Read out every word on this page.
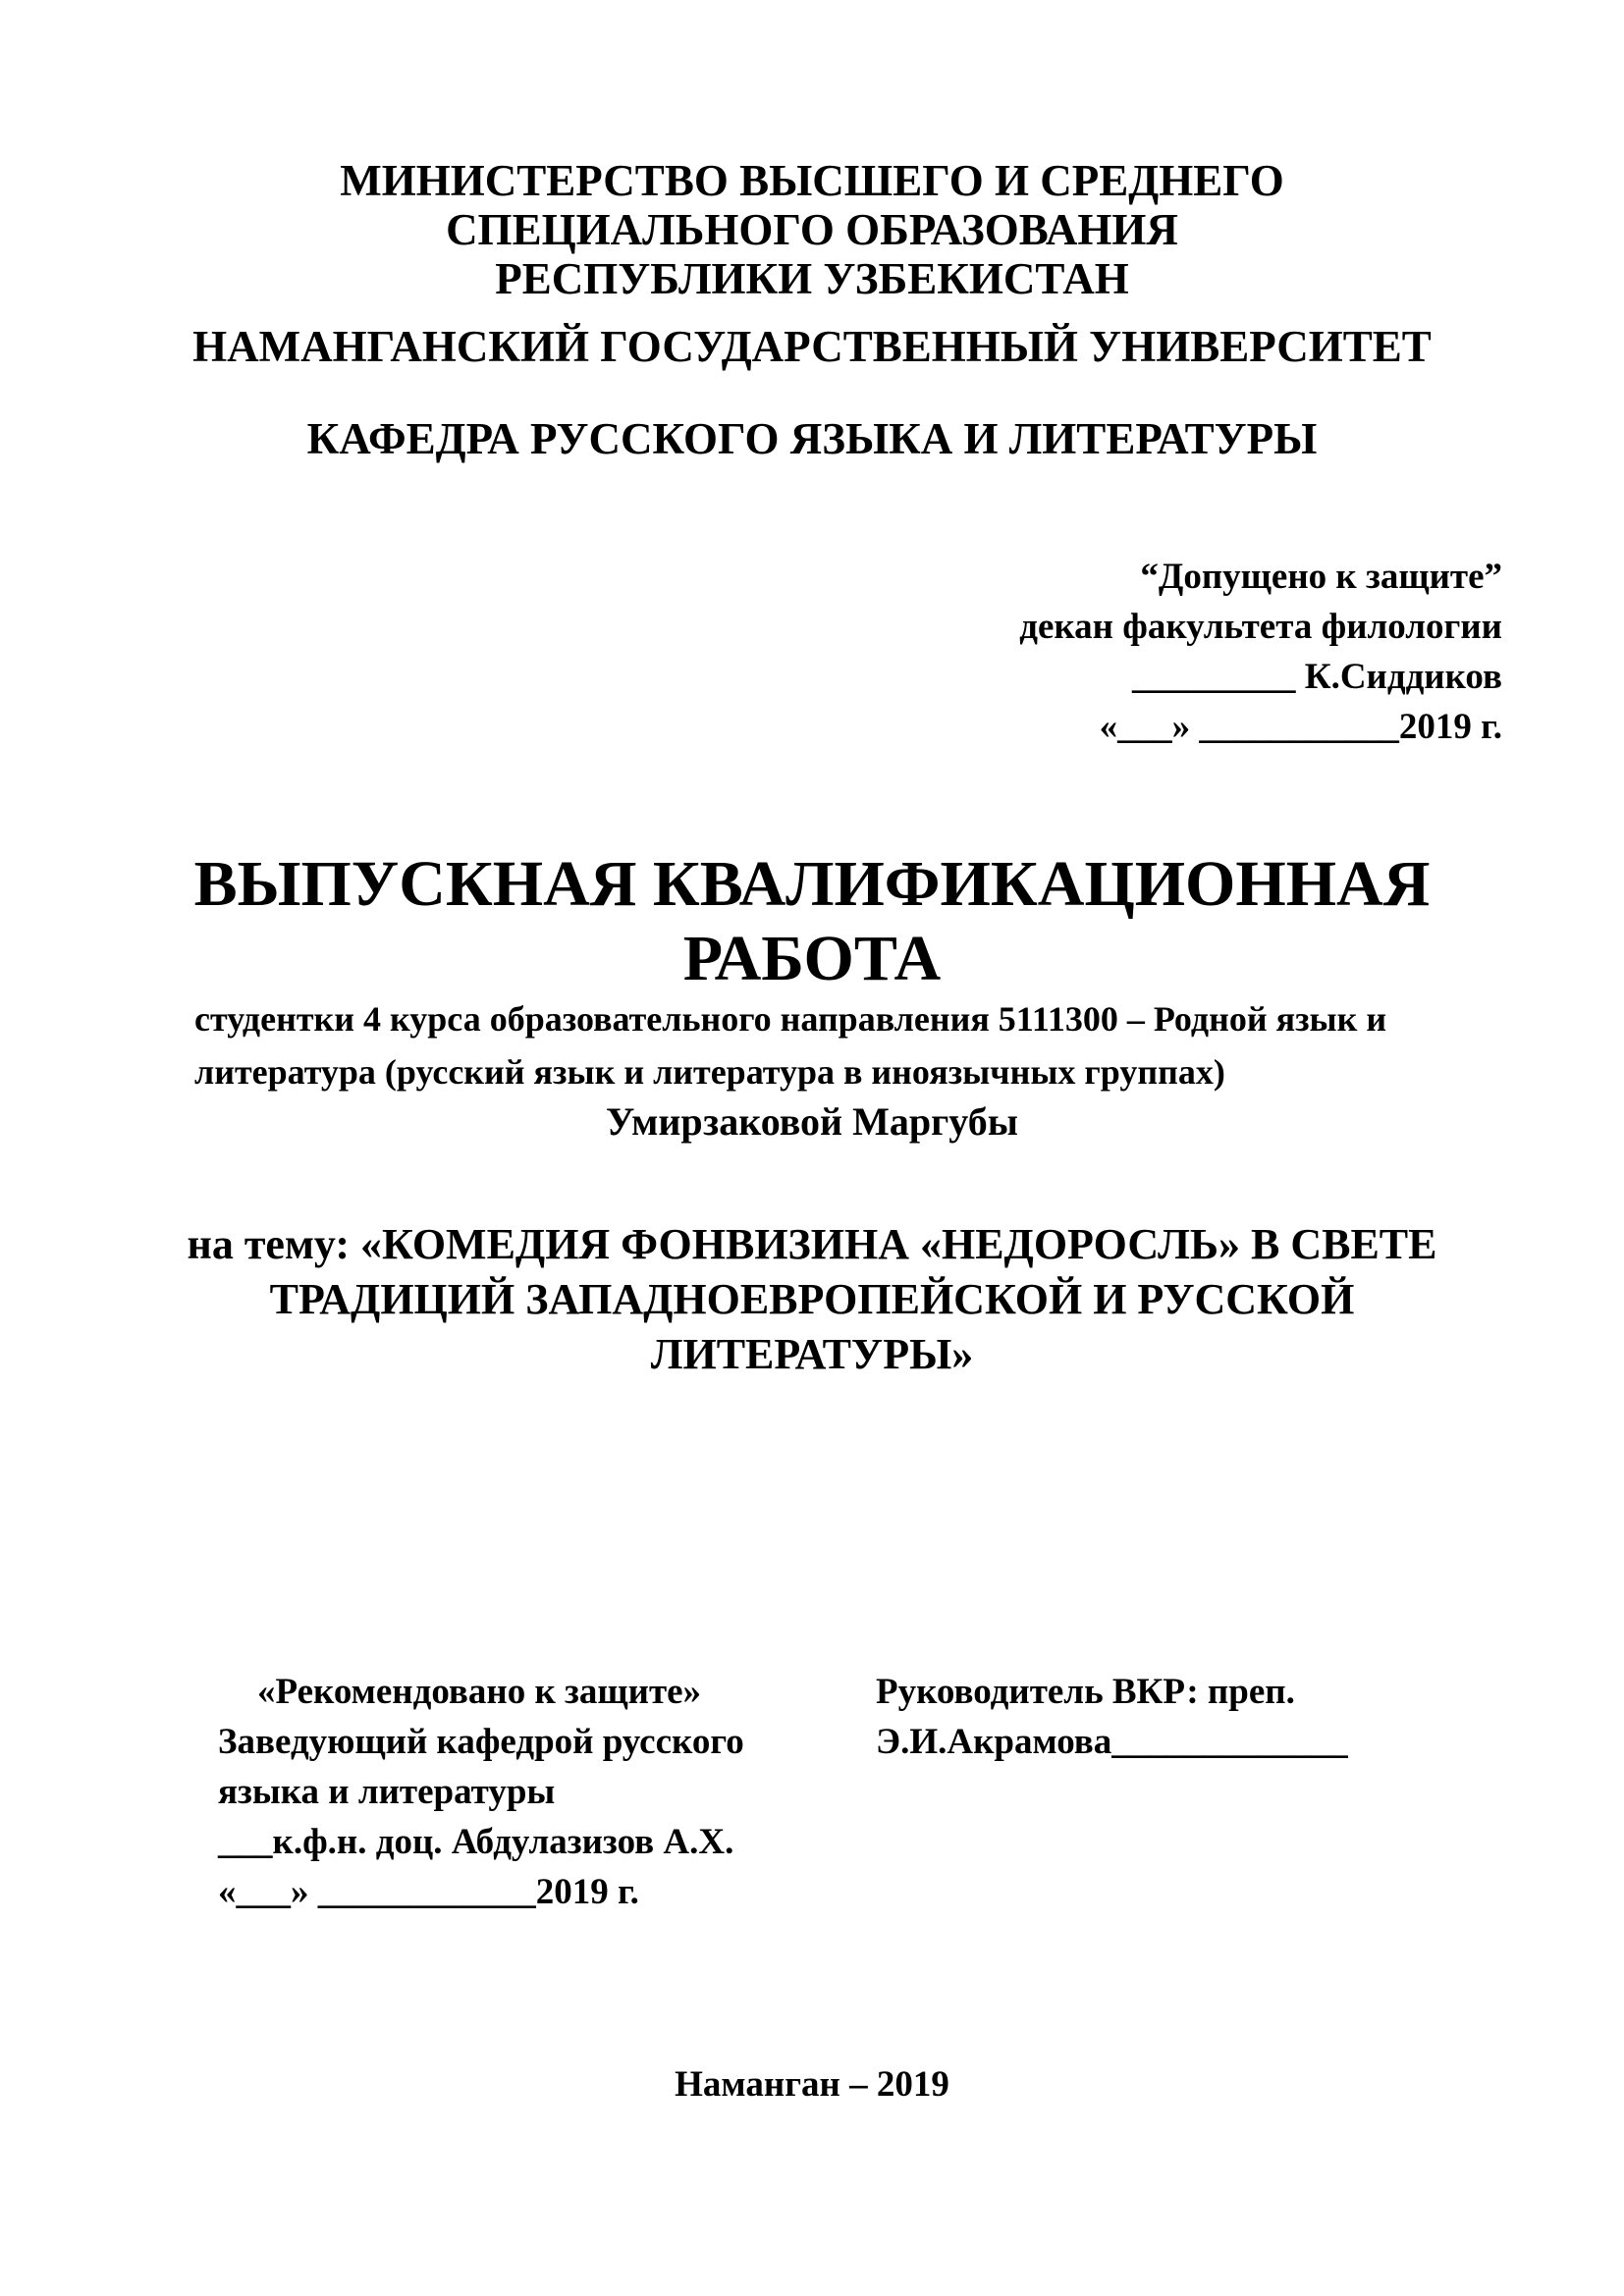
МИНИСТЕРСТВО ВЫСШЕГО И СРЕДНЕГО
СПЕЦИАЛЬНОГО ОБРАЗОВАНИЯ
РЕСПУБЛИКИ УЗБЕКИСТАН
НАМАНГАНСКИЙ ГОСУДАРСТВЕННЫЙ УНИВЕРСИТЕТ
КАФЕДРА РУССКОГО ЯЗЫКА И ЛИТЕРАТУРЫ
“Допущено к защите”
декан факультета филологии
_________ К.Сиддиков
«___» ___________2019 г.
ВЫПУСКНАЯ КВАЛИФИКАЦИОННАЯ
РАБОТА
студентки 4 курса образовательного направления 5111300 – Родной язык и
литература (русский язык и литература в иноязычных группах)
Умирзаковой Маргубы
на тему: «КОМЕДИЯ ФОНВИЗИНА «НЕДОРОСЛЬ» В СВЕТЕ
ТРАДИЦИЙ ЗАПАДНОЕВРОПЕЙСКОЙ И РУССКОЙ
ЛИТЕРАТУРЫ»
«Рекомендовано к защите»
Заведующий кафедрой русского
языка и литературы
___к.ф.н. доц. Абдулазизов А.Х.
«___» ____________2019 г.
Руководитель ВКР: преп.
Э.И.Акрамова_____________
Наманган – 2019
